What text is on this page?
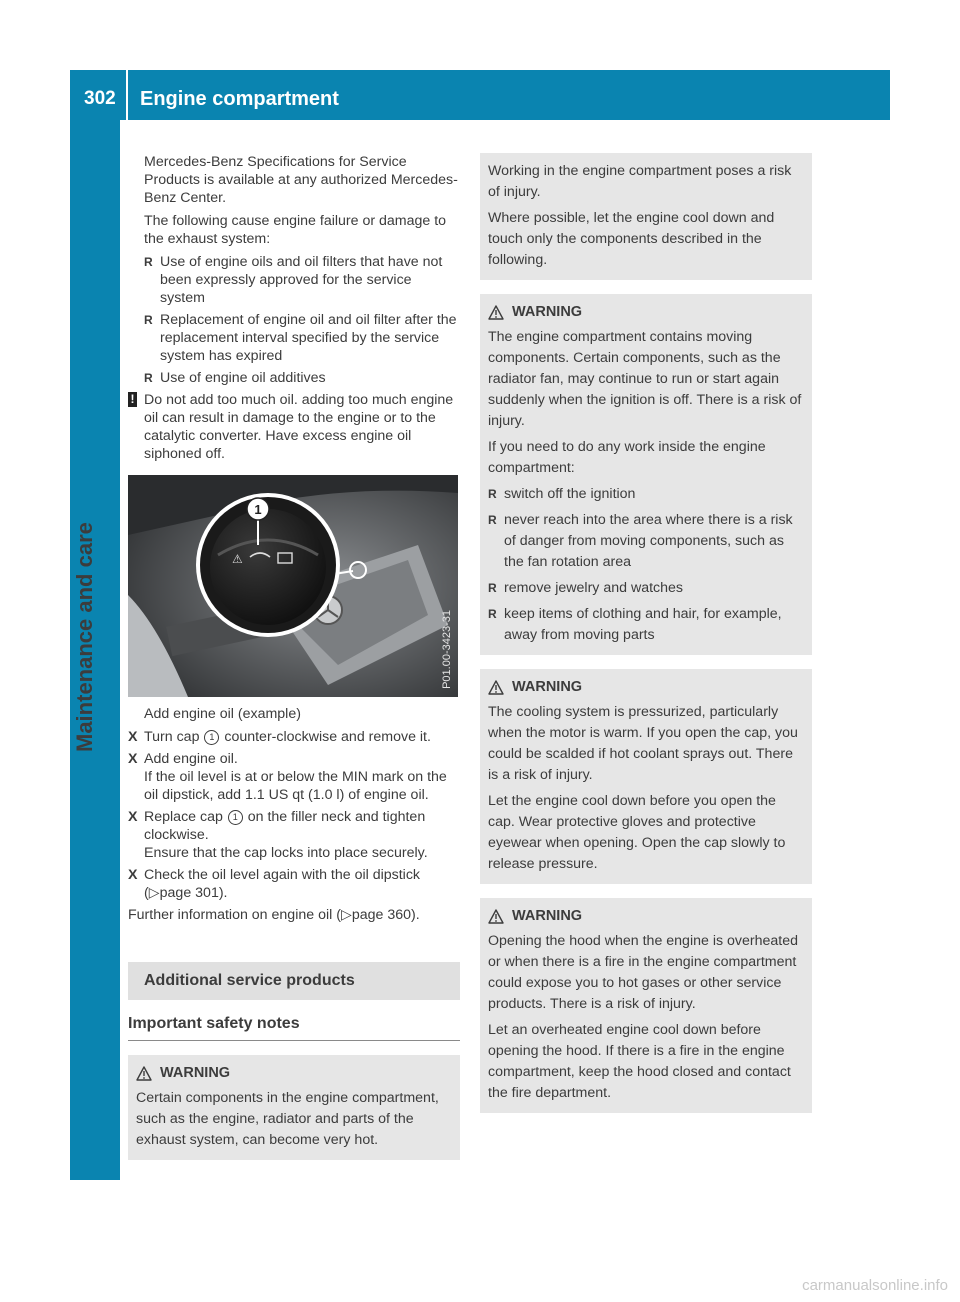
302 Engine compartment
Maintenance and care

Mercedes-Benz Specifications for Service Products is available at any authorized Mercedes-Benz Center.

The following cause engine failure or damage to the exhaust system:

R Use of engine oils and oil filters that have not been expressly approved for the service system
R Replacement of engine oil and oil filter after the replacement interval specified by the service system has expired
R Use of engine oil additives
! Do not add too much oil. adding too much engine oil can result in damage to the engine or to the catalytic converter. Have excess engine oil siphoned off.
⚠
1
P01.00-3423-31

Add engine oil (example)

X Turn cap 1 counter-clockwise and remove it.
X Add engine oil.
If the oil level is at or below the MIN mark on the oil dipstick, add 1.1 US qt (1.0 l) of engine oil.
X Replace cap 1 on the filler neck and tighten clockwise.
Ensure that the cap locks into place securely.
X Check the oil level again with the oil dipstick (▷page 301).

Further information on engine oil (▷page 360).

Additional service products
Important safety notes
WARNING

Certain components in the engine compartment, such as the engine, radiator and parts of the exhaust system, can become very hot.

Working in the engine compartment poses a risk of injury.

Where possible, let the engine cool down and touch only the components described in the following.

WARNING

The engine compartment contains moving components. Certain components, such as the radiator fan, may continue to run or start again suddenly when the ignition is off. There is a risk of injury.

If you need to do any work inside the engine compartment:

R switch off the ignition
R never reach into the area where there is a risk of danger from moving components, such as the fan rotation area
R remove jewelry and watches
R keep items of clothing and hair, for example, away from moving parts
WARNING

The cooling system is pressurized, particularly when the motor is warm. If you open the cap, you could be scalded if hot coolant sprays out. There is a risk of injury.

Let the engine cool down before you open the cap. Wear protective gloves and protective eyewear when opening. Open the cap slowly to release pressure.

WARNING

Opening the hood when the engine is overheated or when there is a fire in the engine compartment could expose you to hot gases or other service products. There is a risk of injury.

Let an overheated engine cool down before opening the hood. If there is a fire in the engine compartment, keep the hood closed and contact the fire department.

carmanualsonline.info
